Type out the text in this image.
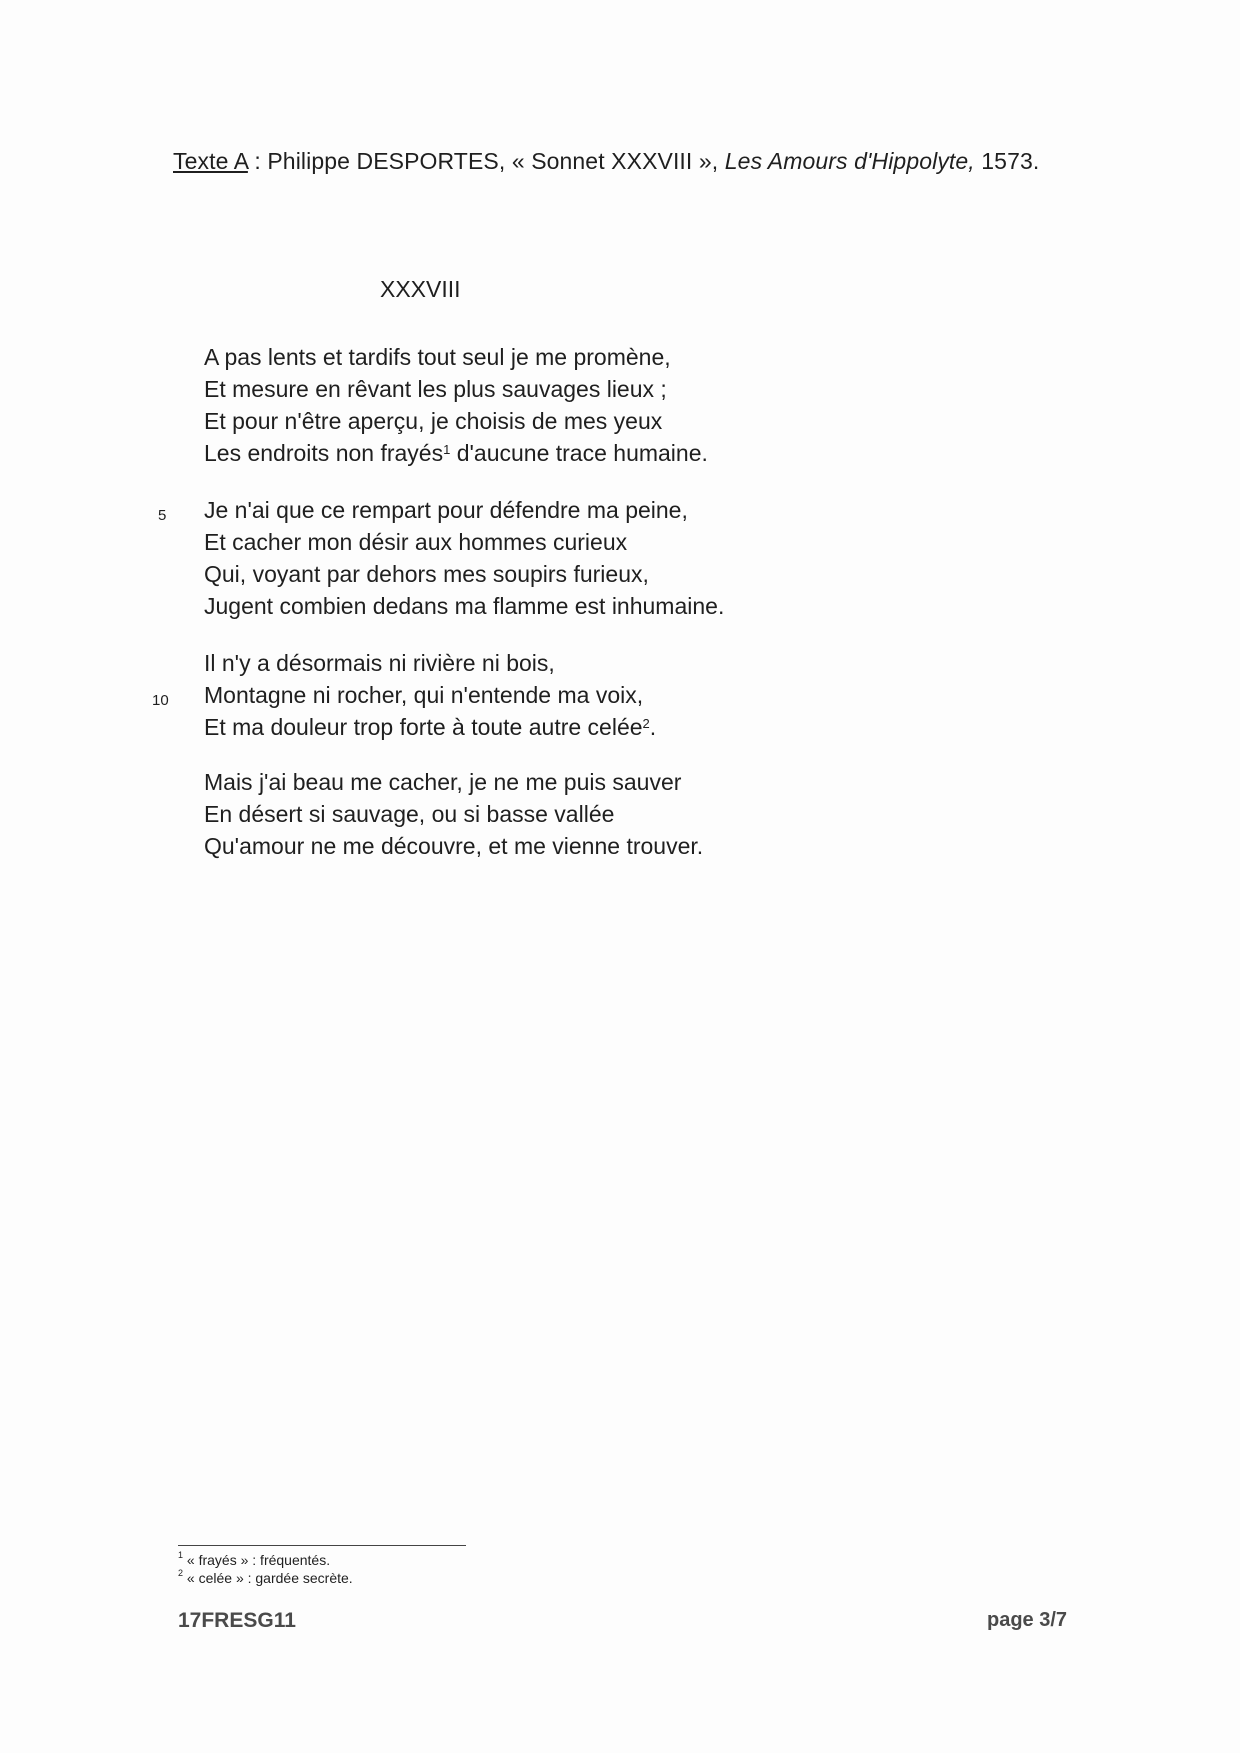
Texte A : Philippe DESPORTES, « Sonnet XXXVIII », Les Amours d'Hippolyte, 1573.
XXXVIII
A pas lents et tardifs tout seul je me promène,
Et mesure en rêvant les plus sauvages lieux ;
Et pour n'être aperçu, je choisis de mes yeux
Les endroits non frayés$^1$ d'aucune trace humaine.
Je n'ai que ce rempart pour défendre ma peine,
Et cacher mon désir aux hommes curieux
Qui, voyant par dehors mes soupirs furieux,
Jugent combien dedans ma flamme est inhumaine.
Il n'y a désormais ni rivière ni bois,
Montagne ni rocher, qui n'entende ma voix,
Et ma douleur trop forte à toute autre celée$^2$.
Mais j'ai beau me cacher, je ne me puis sauver
En désert si sauvage, ou si basse vallée
Qu'amour ne me découvre, et me vienne trouver.
5
10
$^1$ « frayés » : fréquentés.
$^2$ « celée » : gardée secrète.
17FRESG11	page 3/7
